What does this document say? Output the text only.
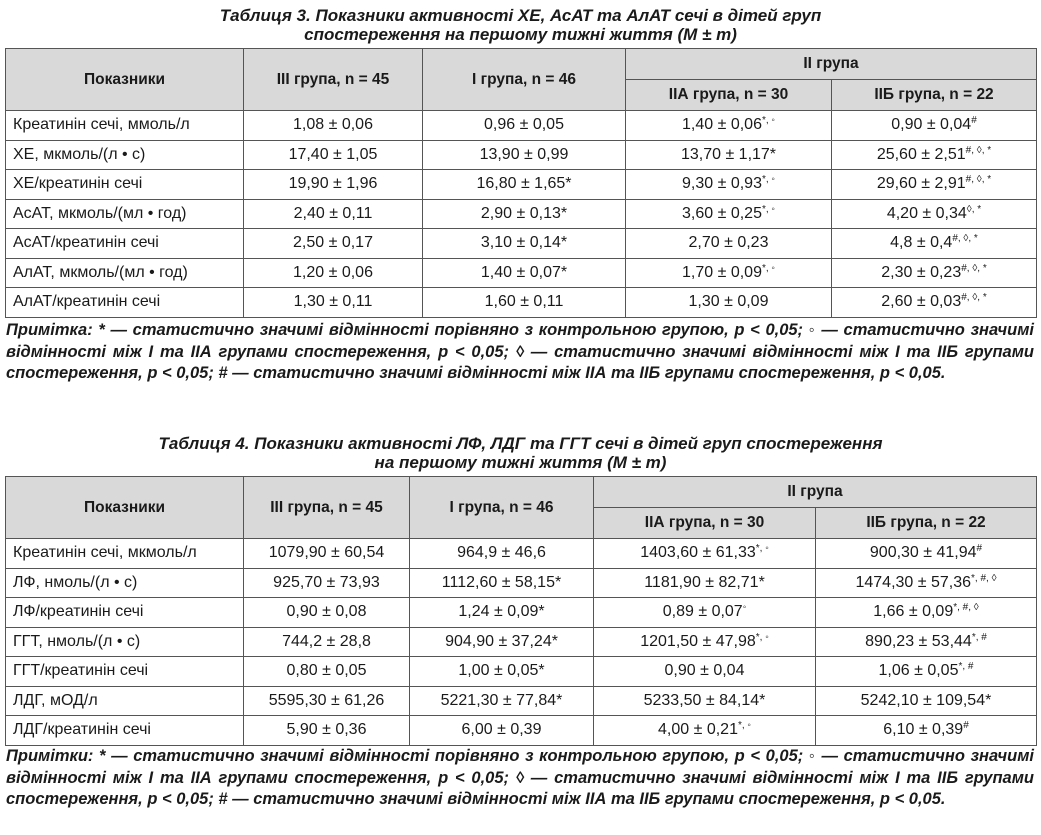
Таблиця 3. Показники активності ХЕ, АсАТ та АлАТ сечі в дітей груп
спостереження на першому тижні життя (M ± m)
Показники	ІІІ група, n = 45	І група, n = 46	ІІ група	
			ІІА група, n = 30	ІІБ група, n = 22
Креатинін сечі, ммоль/л	1,08 ± 0,06	0,96 ± 0,05	1,40 ± 0,06*, ◦	0,90 ± 0,04#
ХЕ, мкмоль/(л • с)	17,40 ± 1,05	13,90 ± 0,99	13,70 ± 1,17*	25,60 ± 2,51#, ◊, *
ХЕ/креатинін сечі	19,90 ± 1,96	16,80 ± 1,65*	9,30 ± 0,93*, ◦	29,60 ± 2,91#, ◊, *
АсАТ, мкмоль/(мл • год)	2,40 ± 0,11	2,90 ± 0,13*	3,60 ± 0,25*, ◦	4,20 ± 0,34◊, *
АсАТ/креатинін сечі	2,50 ± 0,17	3,10 ± 0,14*	2,70 ± 0,23	4,8 ± 0,4#, ◊, *
АлАТ, мкмоль/(мл • год)	1,20 ± 0,06	1,40 ± 0,07*	1,70 ± 0,09*, ◦	2,30 ± 0,23#, ◊, *
АлАТ/креатинін сечі	1,30 ± 0,11	1,60 ± 0,11	1,30 ± 0,09	2,60 ± 0,03#, ◊, *
Примітка: * — статистично значимі відмінності порівняно з контрольною групою, p < 0,05; ◦ — статистично значимі відмінності між І та ІІА групами спостереження, p < 0,05; ◊ — статистично значимі відмінності між І та ІІБ групами спостереження, p < 0,05; # — статистично значимі відмінності між ІІА та ІІБ групами спостереження, p < 0,05.
Таблиця 4. Показники активності ЛФ, ЛДГ та ГГТ сечі в дітей груп спостереження
на першому тижні життя (M ± m)
Показники	ІІІ група, n = 45	І група, n = 46	ІІ група	
			ІІА група, n = 30	ІІБ група, n = 22
Креатинін сечі, мкмоль/л	1079,90 ± 60,54	964,9 ± 46,6	1403,60 ± 61,33*, ◦	900,30 ± 41,94#
ЛФ, нмоль/(л • с)	925,70 ± 73,93	1112,60 ± 58,15*	1181,90 ± 82,71*	1474,30 ± 57,36*, #, ◊
ЛФ/креатинін сечі	0,90 ± 0,08	1,24 ± 0,09*	0,89 ± 0,07◦	1,66 ± 0,09*, #, ◊
ГГТ, нмоль/(л • с)	744,2 ± 28,8	904,90 ± 37,24*	1201,50 ± 47,98*, ◦	890,23 ± 53,44*, #
ГГТ/креатинін сечі	0,80 ± 0,05	1,00 ± 0,05*	0,90 ± 0,04	1,06 ± 0,05*, #
ЛДГ, мОД/л	5595,30 ± 61,26	5221,30 ± 77,84*	5233,50 ± 84,14*	5242,10 ± 109,54*
ЛДГ/креатинін сечі	5,90 ± 0,36	6,00 ± 0,39	4,00 ± 0,21*, ◦	6,10 ± 0,39#
Примітки: * — статистично значимі відмінності порівняно з контрольною групою, p < 0,05; ◦ — статистично значимі відмінності між І та ІІА групами спостереження, p < 0,05; ◊ — статистично значимі відмінності між І та ІІБ групами спостереження, p < 0,05; # — статистично значимі відмінності між ІІА та ІІБ групами спостереження, p < 0,05.
